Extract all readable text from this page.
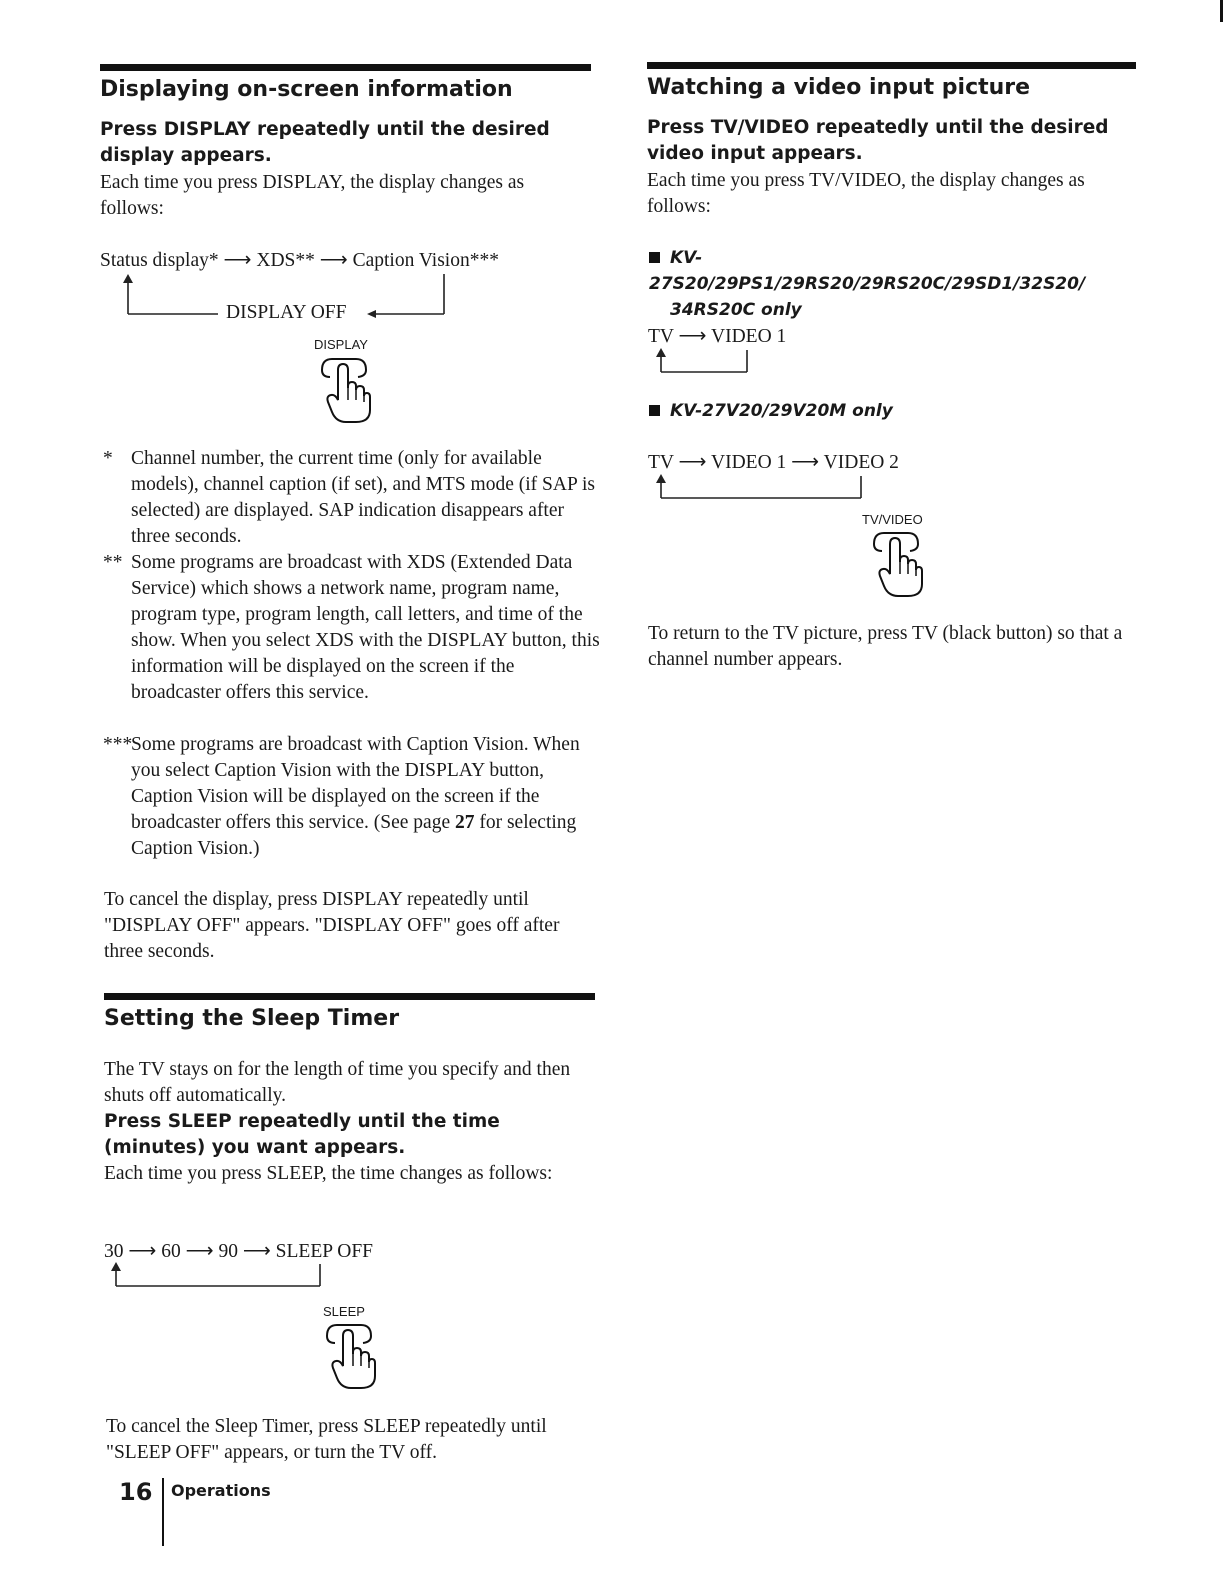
Displaying on-screen information
Press DISPLAY repeatedly until the desired display appears.
Each time you press DISPLAY, the display changes as follows:
Status display* ⟶ XDS** ⟶ Caption Vision***
DISPLAY OFF
DISPLAY
* Channel number, the current time (only for available models), channel caption (if set), and MTS mode (if SAP is selected) are displayed. SAP indication disappears after three seconds.
** Some programs are broadcast with XDS (Extended Data Service) which shows a network name, program name, program type, program length, call letters, and time of the show. When you select XDS with the DISPLAY button, this information will be displayed on the screen if the broadcaster offers this service.
***
Some programs are broadcast with Caption Vision. When you select Caption Vision with the DISPLAY button, Caption Vision will be displayed on the screen if the broadcaster offers this service. (See page 27 for selecting Caption Vision.)
To cancel the display, press DISPLAY repeatedly until "DISPLAY OFF" appears. "DISPLAY OFF" goes off after three seconds.
Setting the Sleep Timer
The TV stays on for the length of time you specify and then shuts off automatically.
Press SLEEP repeatedly until the time (minutes) you want appears.
Each time you press SLEEP, the time changes as follows:
30 ⟶ 60 ⟶ 90 ⟶ SLEEP OFF
SLEEP
To cancel the Sleep Timer, press SLEEP repeatedly until "SLEEP OFF" appears, or turn the TV off.
16 Operations
Watching a video input picture
Press TV/VIDEO repeatedly until the desired video input appears.
Each time you press TV/VIDEO, the display changes as follows:
KV-27S20/29PS1/29RS20/29RS20C/29SD1/32S20/
34RS20C only
TV ⟶ VIDEO 1
KV-27V20/29V20M only
TV ⟶ VIDEO 1 ⟶ VIDEO 2
TV/VIDEO
To return to the TV picture, press TV (black button) so that a channel number appears.
